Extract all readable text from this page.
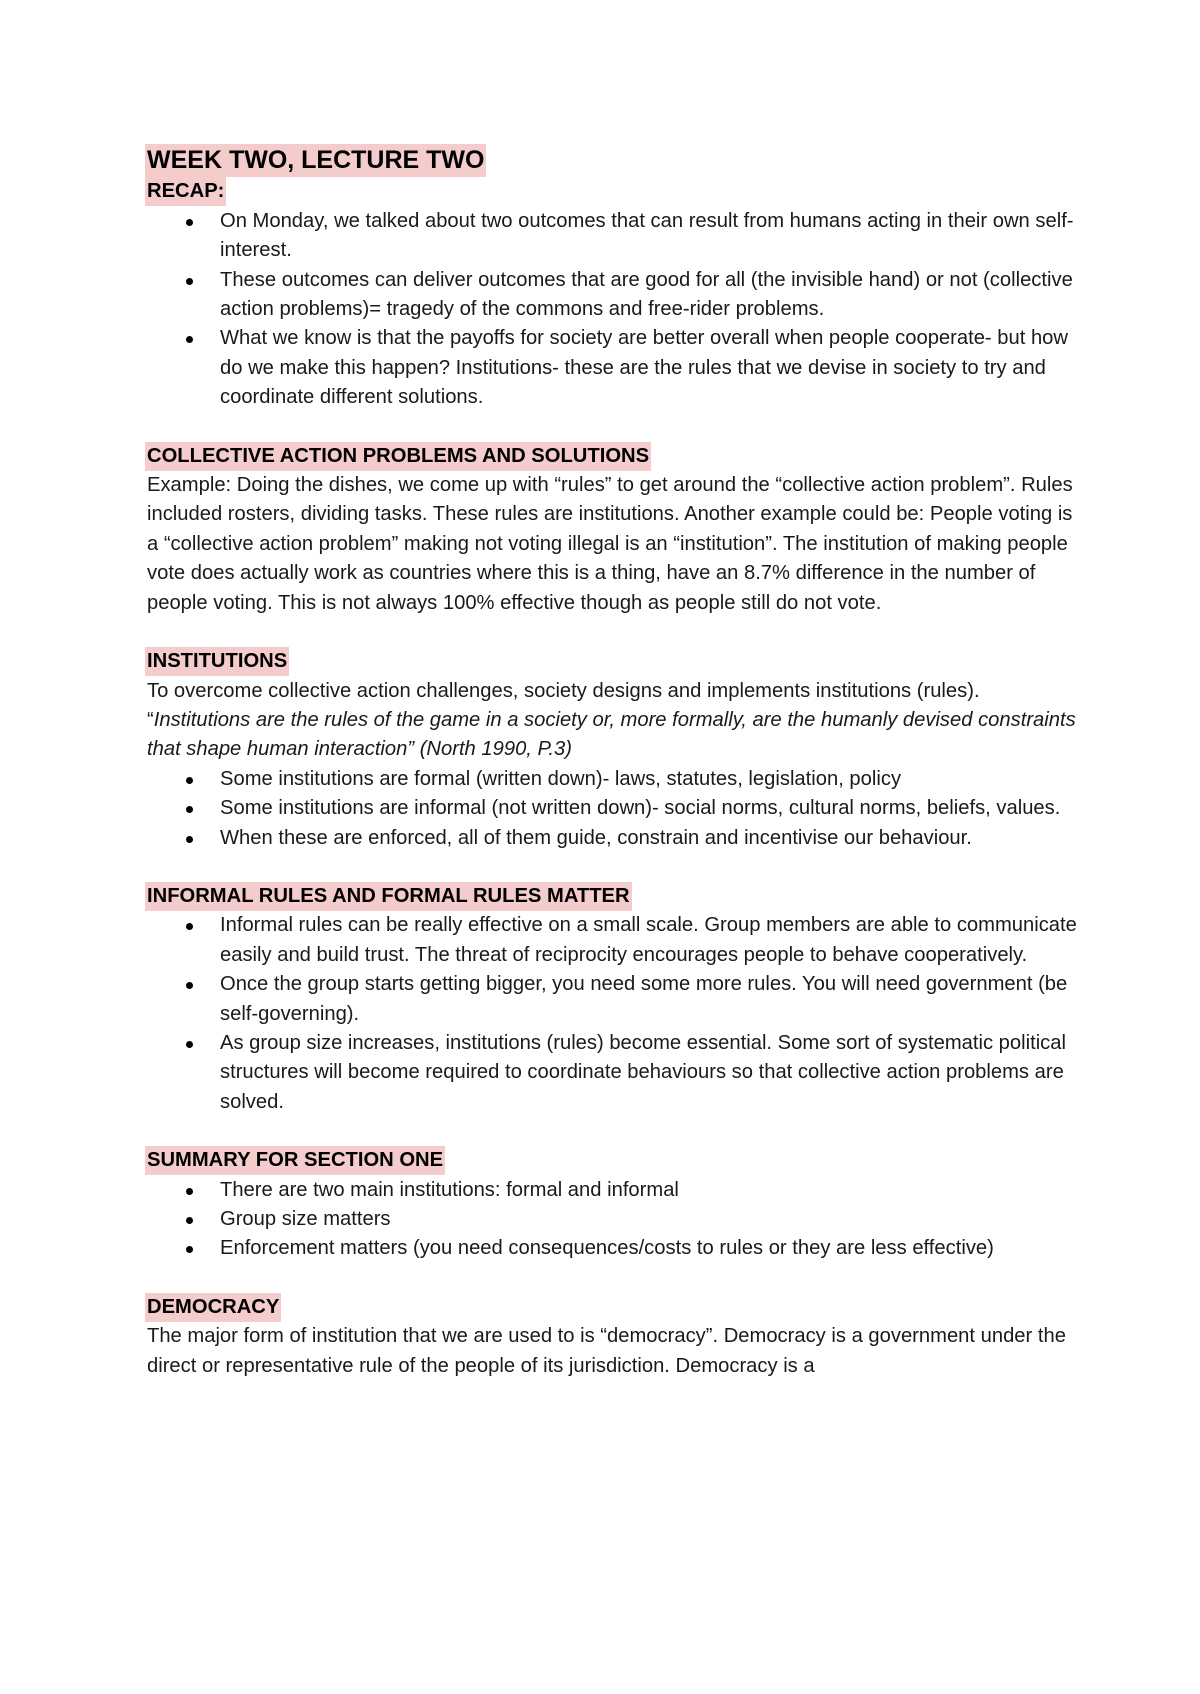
WEEK TWO, LECTURE TWO
RECAP:
On Monday, we talked about two outcomes that can result from humans acting in their own self-interest.
These outcomes can deliver outcomes that are good for all (the invisible hand) or not (collective action problems)= tragedy of the commons and free-rider problems.
What we know is that the payoffs for society are better overall when people cooperate- but how do we make this happen? Institutions- these are the rules that we devise in society to try and coordinate different solutions.
COLLECTIVE ACTION PROBLEMS AND SOLUTIONS

Example: Doing the dishes, we come up with “rules” to get around the “collective action problem”. Rules included rosters, dividing tasks. These rules are institutions. Another example could be: People voting is a “collective action problem” making not voting illegal is an “institution”. The institution of making people vote does actually work as countries where this is a thing, have an 8.7% difference in the number of people voting. This is not always 100% effective though as people still do not vote.

INSTITUTIONS

To overcome collective action challenges, society designs and implements institutions (rules). “Institutions are the rules of the game in a society or, more formally, are the humanly devised constraints that shape human interaction” (North 1990, P.3)

Some institutions are formal (written down)- laws, statutes, legislation, policy
Some institutions are informal (not written down)- social norms, cultural norms, beliefs, values.
When these are enforced, all of them guide, constrain and incentivise our behaviour.
INFORMAL RULES AND FORMAL RULES MATTER
Informal rules can be really effective on a small scale. Group members are able to communicate easily and build trust. The threat of reciprocity encourages people to behave cooperatively.
Once the group starts getting bigger, you need some more rules. You will need government (be self-governing).
As group size increases, institutions (rules) become essential. Some sort of systematic political structures will become required to coordinate behaviours so that collective action problems are solved.
SUMMARY FOR SECTION ONE
There are two main institutions: formal and informal
Group size matters
Enforcement matters (you need consequences/costs to rules or they are less effective)
DEMOCRACY

The major form of institution that we are used to is “democracy”. Democracy is a government under the direct or representative rule of the people of its jurisdiction. Democracy is a
